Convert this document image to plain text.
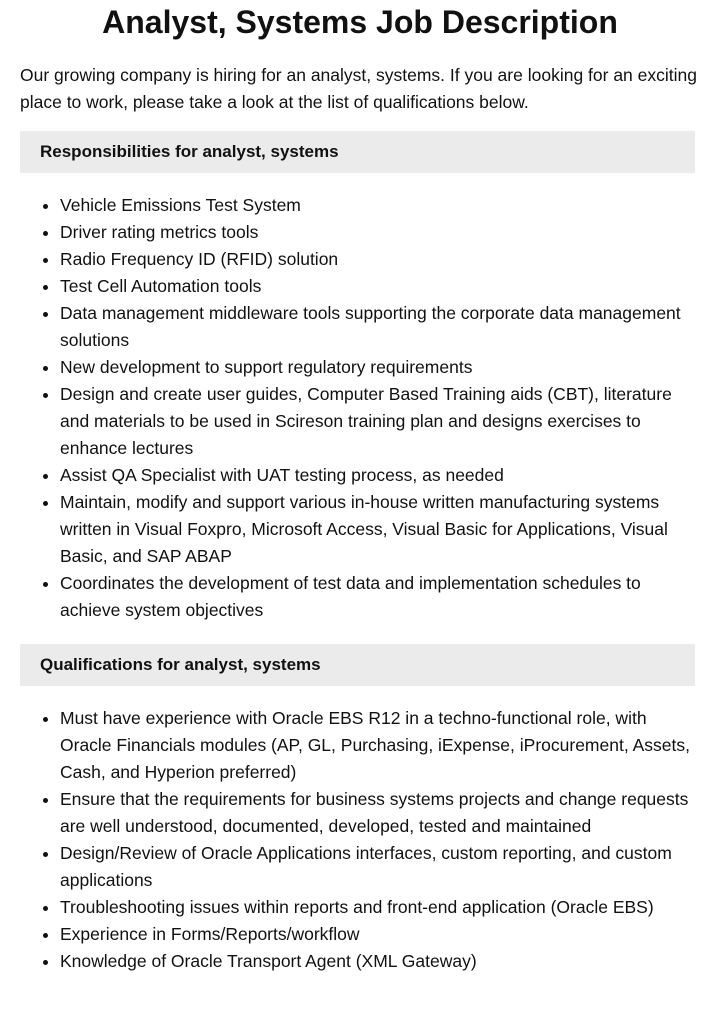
Analyst, Systems Job Description

Our growing company is hiring for an analyst, systems. If you are looking for an exciting place to work, please take a look at the list of qualifications below.

Responsibilities for analyst, systems
• Vehicle Emissions Test System
• Driver rating metrics tools
• Radio Frequency ID (RFID) solution
• Test Cell Automation tools
• Data management middleware tools supporting the corporate data management solutions
• New development to support regulatory requirements
• Design and create user guides, Computer Based Training aids (CBT), literature and materials to be used in Scireson training plan and designs exercises to enhance lectures
• Assist QA Specialist with UAT testing process, as needed
• Maintain, modify and support various in-house written manufacturing systems written in Visual Foxpro, Microsoft Access, Visual Basic for Applications, Visual Basic, and SAP ABAP
• Coordinates the development of test data and implementation schedules to achieve system objectives
Qualifications for analyst, systems
• Must have experience with Oracle EBS R12 in a techno-functional role, with Oracle Financials modules (AP, GL, Purchasing, iExpense, iProcurement, Assets, Cash, and Hyperion preferred)
• Ensure that the requirements for business systems projects and change requests are well understood, documented, developed, tested and maintained
• Design/Review of Oracle Applications interfaces, custom reporting, and custom applications
• Troubleshooting issues within reports and front-end application (Oracle EBS)
• Experience in Forms/Reports/workflow
• Knowledge of Oracle Transport Agent (XML Gateway)
